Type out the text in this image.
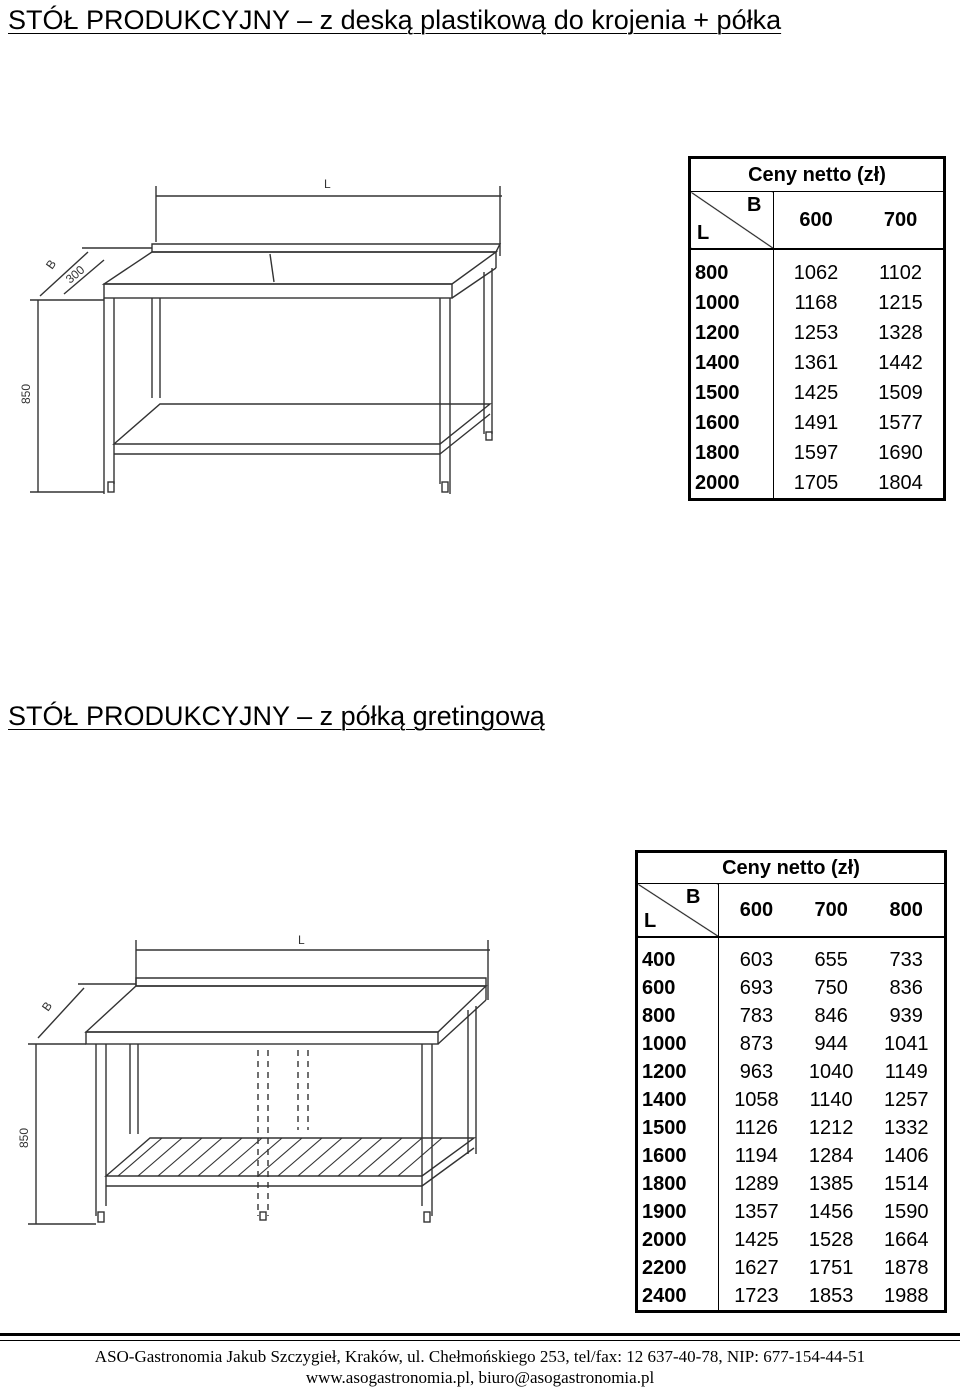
STÓŁ PRODUKCYJNY – z deską plastikową do krojenia + półka
L
B 300
850
Ceny netto (zł)		

B
L	600	700

800	1062	1102
1000	1168	1215
1200	1253	1328
1400	1361	1442
1500	1425	1509
1600	1491	1577
1800	1597	1690
2000	1705	1804
STÓŁ PRODUKCYJNY – z półką gretingową
L
B
850
Ceny netto (zł)			

B
L	600	700	800

400	603	655	733
600	693	750	836
800	783	846	939
1000	873	944	1041
1200	963	1040	1149
1400	1058	1140	1257
1500	1126	1212	1332
1600	1194	1284	1406
1800	1289	1385	1514
1900	1357	1456	1590
2000	1425	1528	1664
2200	1627	1751	1878
2400	1723	1853	1988
ASO-Gastronomia Jakub Szczygieł, Kraków, ul. Chełmońskiego 253, tel/fax: 12 637-40-78, NIP: 677-154-44-51
www.asogastronomia.pl, biuro@asogastronomia.pl
